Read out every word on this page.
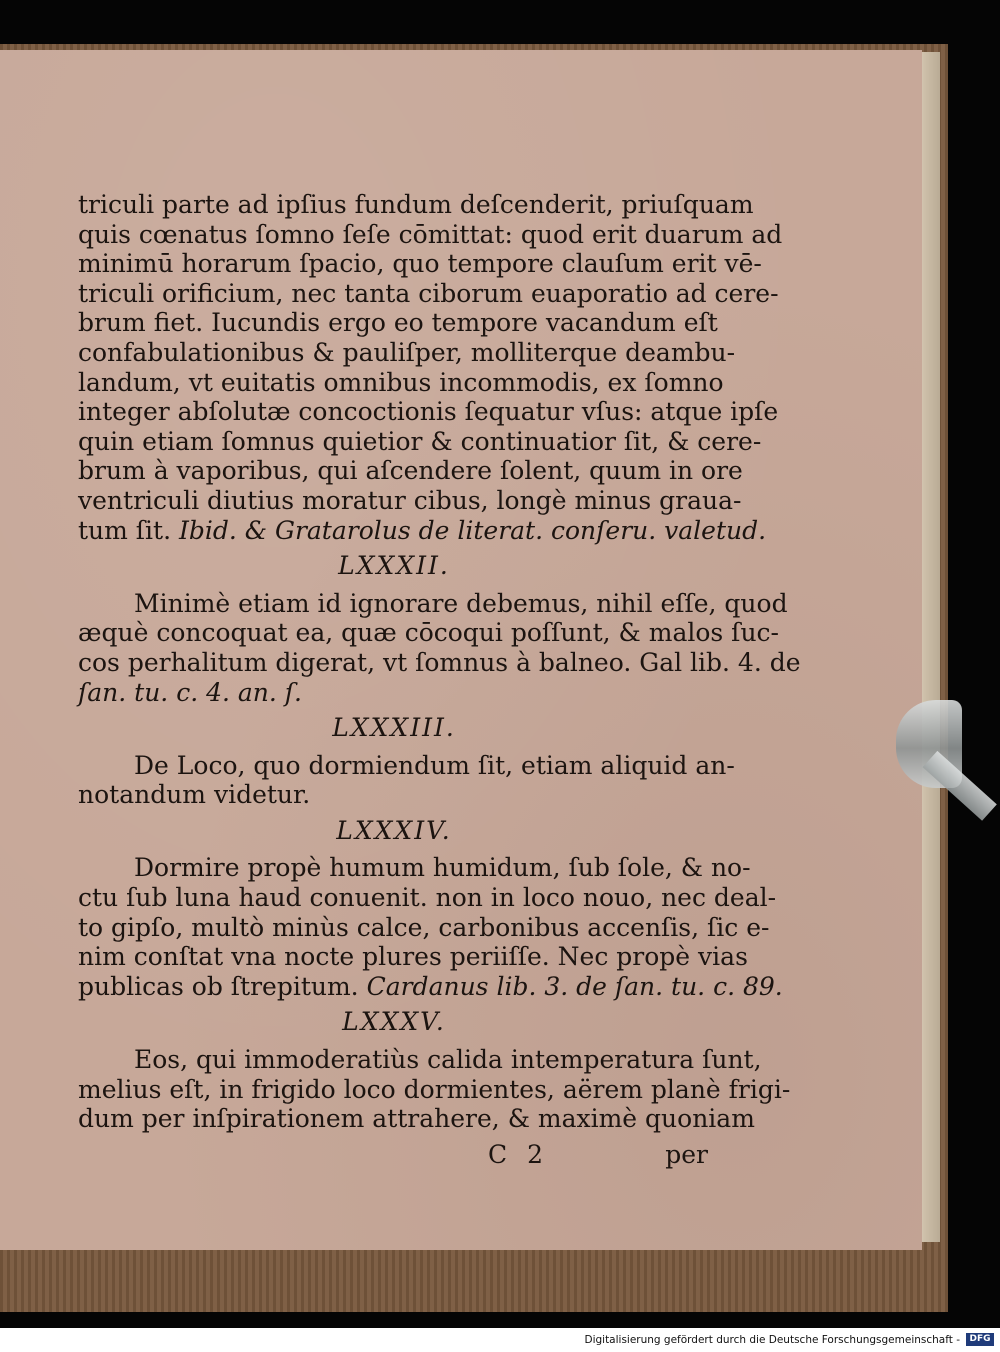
triculi parte ad ipſius fundum deſcenderit, priuſquam
quis cœnatus ſomno ſeſe cōmittat: quod erit duarum ad
minimū horarum ſpacio, quo tempore clauſum erit vē-
triculi orificium, nec tanta ciborum euaporatio ad cere-
brum fiet. Iucundis ergo eo tempore vacandum eſt
confabulationibus & pauliſper, molliterque deambu-
landum, vt euitatis omnibus incommodis, ex ſomno
integer abſolutæ concoctionis ſequatur vſus: atque ipſe
quin etiam ſomnus quietior & continuatior ſit, & cere-
brum à vaporibus, qui aſcendere ſolent, quum in ore
ventriculi diutius moratur cibus, longè minus graua-
tum ſit. Ibid. & Gratarolus de literat. conſeru. valetud.
LXXXII.
Minimè etiam id ignorare debemus, nihil eſſe, quod
æquè concoquat ea, quæ cōcoqui poſſunt, & malos ſuc-
cos perhalitum digerat, vt ſomnus à balneo. Gal lib. 4. de
ſan. tu. c. 4. an. ſ.
LXXXIII.
De Loco, quo dormiendum ſit, etiam aliquid an-
notandum videtur.
LXXXIV.
Dormire propè humum humidum, ſub ſole, & no-
ctu ſub luna haud conuenit. non in loco nouo, nec deal-
to gipſo, multò minùs calce, carbonibus accenſis, ſic e-
nim conſtat vna nocte plures periiſſe. Nec propè vias
publicas ob ſtrepitum. Cardanus lib. 3. de ſan. tu. c. 89.
LXXXV.
Eos, qui immoderatiùs calida intemperatura ſunt,
melius eſt, in frigido loco dormientes, aërem planè frigi-
dum per inſpirationem attrahere, & maximè quoniam
C 2	per
Digitalisierung gefördert durch die Deutsche Forschungsgemeinschaft -	DFG
